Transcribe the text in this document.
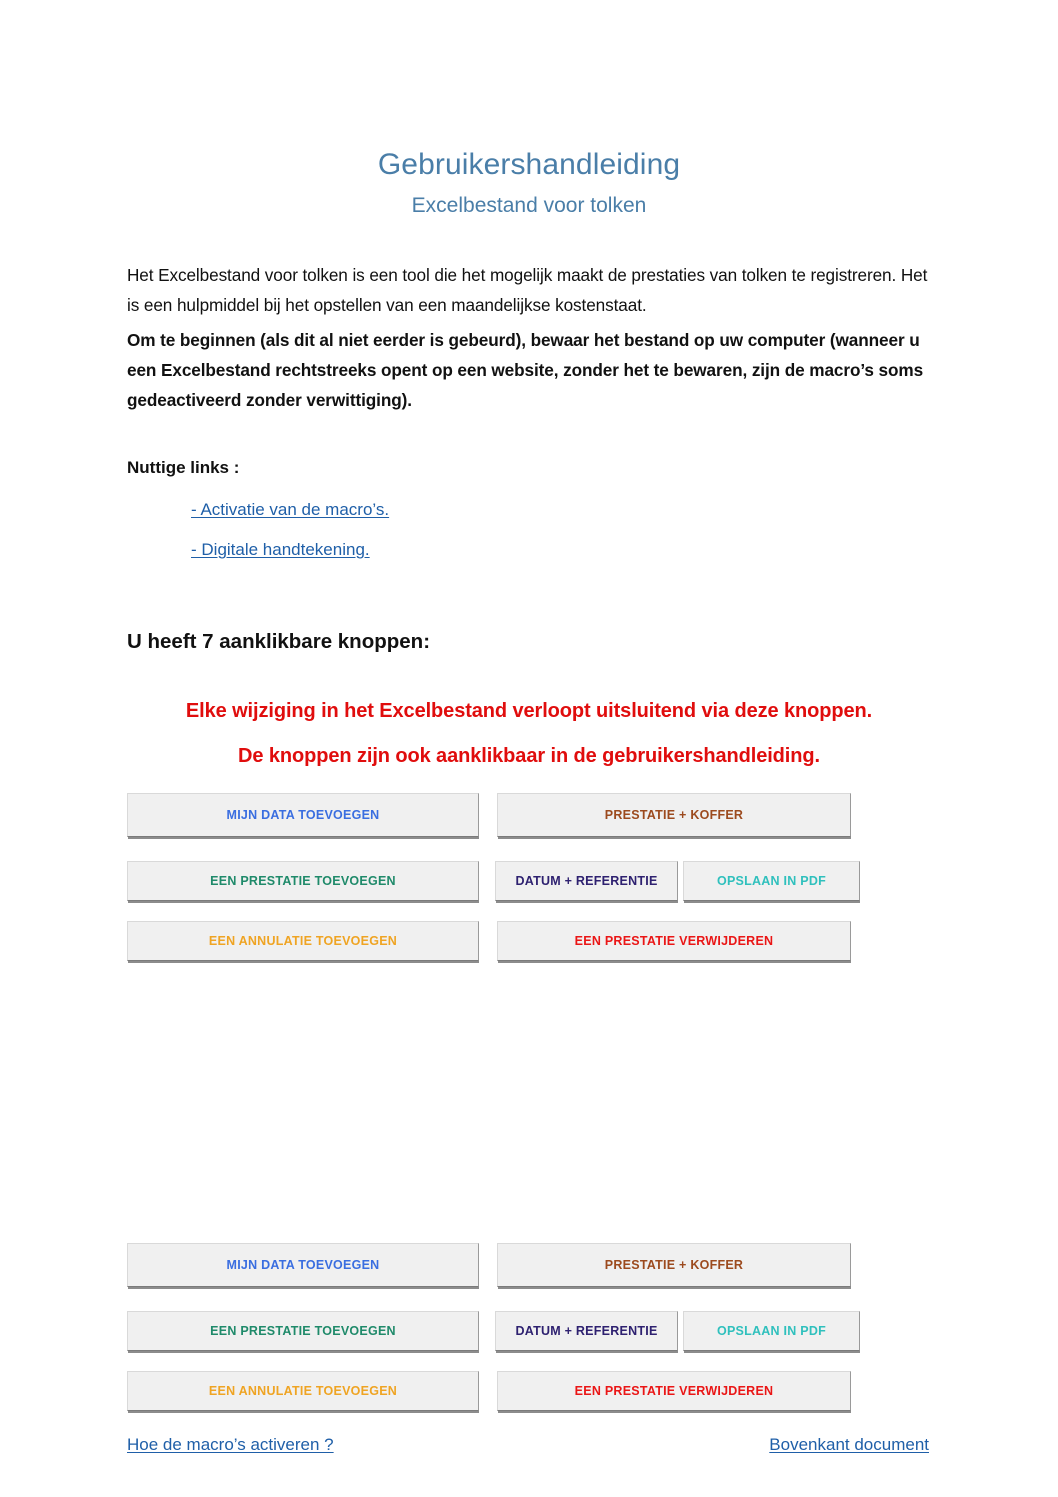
Gebruikershandleiding
Excelbestand voor tolken

Het Excelbestand voor tolken is een tool die het mogelijk maakt de prestaties van tolken te registreren. Het is een hulpmiddel bij het opstellen van een maandelijkse kostenstaat.

Om te beginnen (als dit al niet eerder is gebeurd), bewaar het bestand op uw computer (wanneer u een Excelbestand rechtstreeks opent op een website, zonder het te bewaren, zijn de macro’s soms gedeactiveerd zonder verwittiging).

Nuttige links :
- Activatie van de macro’s.
- Digitale handtekening.
U heeft 7 aanklikbare knoppen:
Elke wijziging in het Excelbestand verloopt uitsluitend via deze knoppen.
De knoppen zijn ook aanklikbaar in de gebruikershandleiding.
MIJN DATA TOEVOEGEN	PRESTATIE + KOFFER
EEN PRESTATIE TOEVOEGEN	DATUM + REFERENTIE	OPSLAAN IN PDF
EEN ANNULATIE TOEVOEGEN	EEN PRESTATIE VERWIJDEREN
MIJN DATA TOEVOEGEN	PRESTATIE + KOFFER
EEN PRESTATIE TOEVOEGEN	DATUM + REFERENTIE	OPSLAAN IN PDF
EEN ANNULATIE TOEVOEGEN	EEN PRESTATIE VERWIJDEREN
Hoe de macro’s activeren ?	Bovenkant document
